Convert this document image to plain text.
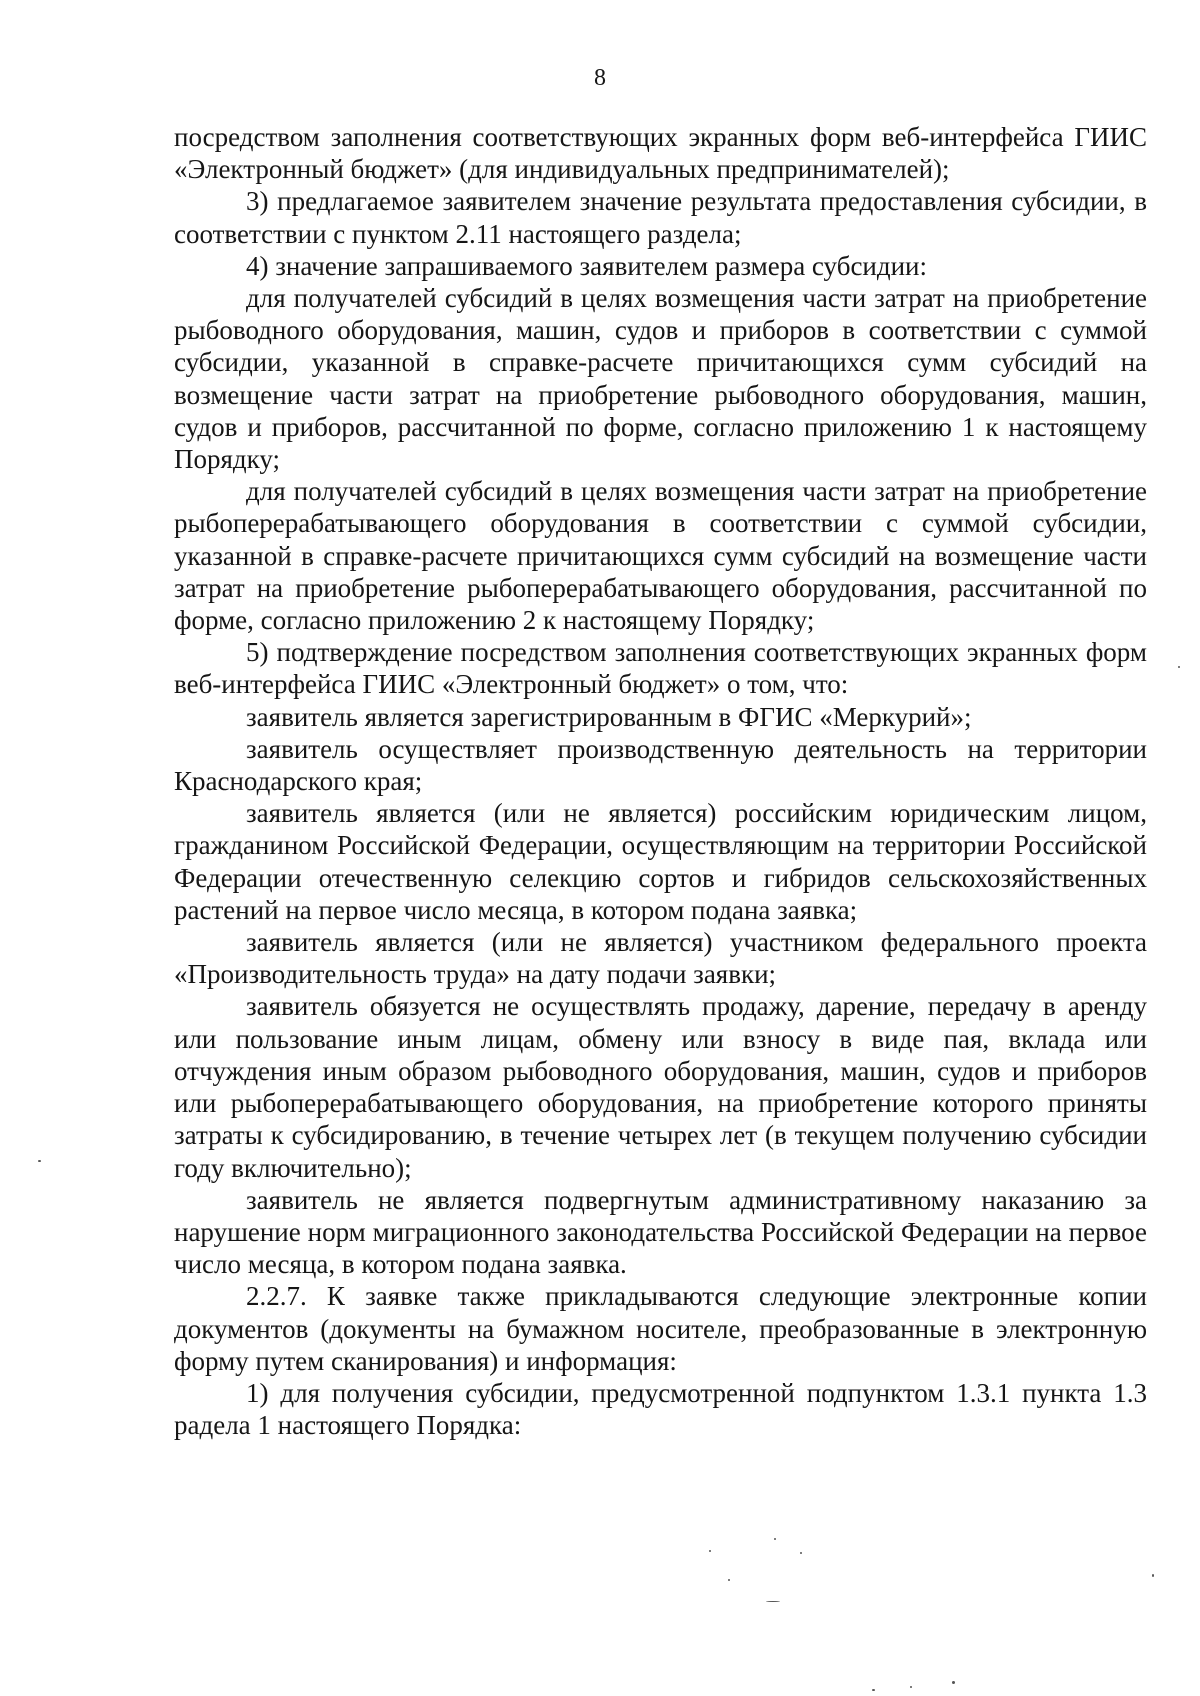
8

посредством заполнения соответствующих экранных форм веб-интерфейса ГИИС «Электронный бюджет» (для индивидуальных предпринимателей);

3) предлагаемое заявителем значение результата предоставления субсидии, в соответствии с пунктом 2.11 настоящего раздела;

4) значение запрашиваемого заявителем размера субсидии:

для получателей субсидий в целях возмещения части затрат на приобретение рыбоводного оборудования, машин, судов и приборов в соответствии с суммой субсидии, указанной в справке-расчете причитающихся сумм субсидий на возмещение части затрат на приобретение рыбоводного оборудования, машин, судов и приборов, рассчитанной по форме, согласно приложению 1 к настоящему Порядку;

для получателей субсидий в целях возмещения части затрат на приобретение рыбоперерабатывающего оборудования в соответствии с суммой субсидии, указанной в справке-расчете причитающихся сумм субсидий на возмещение части затрат на приобретение рыбоперерабатывающего оборудования, рассчитанной по форме, согласно приложению 2 к настоящему Порядку;

5) подтверждение посредством заполнения соответствующих экранных форм веб-интерфейса ГИИС «Электронный бюджет» о том, что:

заявитель является зарегистрированным в ФГИС «Меркурий»;

заявитель осуществляет производственную деятельность на территории Краснодарского края;

заявитель является (или не является) российским юридическим лицом, гражданином Российской Федерации, осуществляющим на территории Российской Федерации отечественную селекцию сортов и гибридов сельскохозяйственных растений на первое число месяца, в котором подана заявка;

заявитель является (или не является) участником федерального проекта «Производительность труда» на дату подачи заявки;

заявитель обязуется не осуществлять продажу, дарение, передачу в аренду или пользование иным лицам, обмену или взносу в виде пая, вклада или отчуждения иным образом рыбоводного оборудования, машин, судов и приборов или рыбоперерабатывающего оборудования, на приобретение которого приняты затраты к субсидированию, в течение четырех лет (в текущем получению субсидии году включительно);

заявитель не является подвергнутым административному наказанию за нарушение норм миграционного законодательства Российской Федерации на первое число месяца, в котором подана заявка.

2.2.7. К заявке также прикладываются следующие электронные копии документов (документы на бумажном носителе, преобразованные в электронную форму путем сканирования) и информация:

1) для получения субсидии, предусмотренной подпунктом 1.3.1 пункта 1.3 радела 1 настоящего Порядка:
